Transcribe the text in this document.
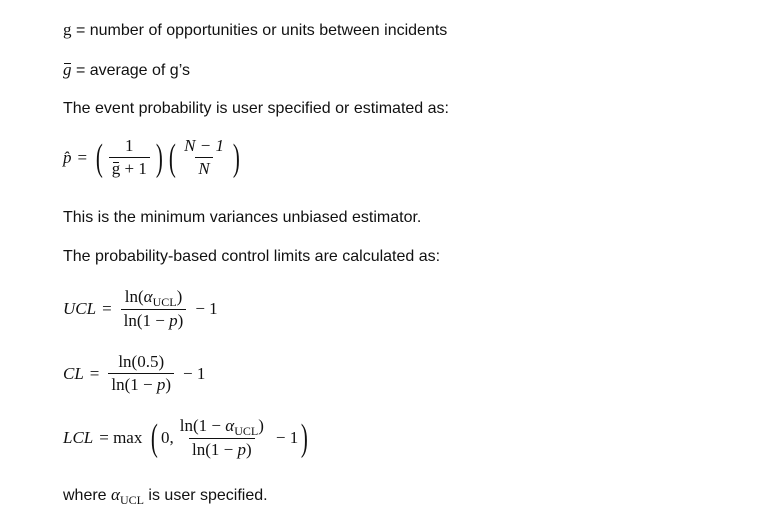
g = number of opportunities or units between incidents
g = average of g’s
The event probability is user specified or estimated as:
p̂ = ( $\frac{1}{g + 1}$ ) ( $\frac{N - 1}{N}$ )
This is the minimum variances unbiased estimator.
The probability-based control limits are calculated as:
UCL = $\frac{\ln(\alpha_{UCL})}{\ln(1 - p)} - 1$
CL = $\frac{\ln(0.5)}{\ln(1 - p)} - 1$
LCL = max ( 0, $\frac{\ln(1 - \alpha_{UCL})}{\ln(1 - p)} - 1$ )
where $\alpha_{UCL}$ is user specified.
